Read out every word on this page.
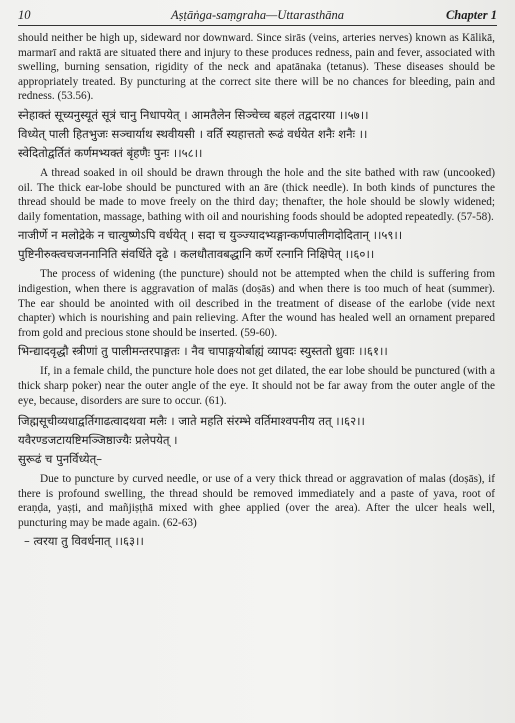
10	Aṣṭāṅga-saṃgraha—Uttarasthāna	Chapter 1

should neither be high up, sideward nor downward. Since sirās (veins, arteries nerves) known as Kālikā, marmarī and raktā are situated there and injury to these produces redness, pain and fever, associated with swelling, burning sensation, rigidity of the neck and apatānaka (tetanus). These diseases should be appropriately treated. By puncturing at the correct site there will be no chances for bleeding, pain and redness. (53.56).

स्नेहाक्तं सूच्यनुस्यूतं सूत्रं चानु निधापयेत् । आमतैलेन सिञ्चेच्च बहलं तद्वदारया ।।५७।।
विध्येत् पाली हितभुजः सञ्चार्याथ स्थवीयसी । वर्ति स्यहात्ततो रूढं वर्धयेत शनैः शनैः ।।
स्वेदितोद्वर्तितं कर्णमभ्यक्तं बृंहणैः पुनः ।।५८।।

A thread soaked in oil should be drawn through the hole and the site bathed with raw (uncooked) oil. The thick ear-lobe should be punctured with an āre (thick needle). In both kinds of punctures the thread should be made to move freely on the third day; thenafter, the hole should be slowly widened; daily fomentation, massage, bathing with oil and nourishing foods should be adopted repeatedly. (57-58).

नाजीर्णे न मलोद्रेके न चात्युष्णेऽपि वर्धयेत् । सदा च युञ्ज्यादभ्यङ्गान्कर्णपालीगदोदितान् ।।५९।।
पुष्टिनीरुक्त्वचजननानिति संवर्धिते दृढे । कलधौतावबद्धानि कर्णे रत्नानि निक्षिपेत् ।।६०।।

The process of widening (the puncture) should not be attempted when the child is suffering from indigestion, when there is aggravation of malās (doṣās) and when there is too much of heat (summer). The ear should be anointed with oil described in the treatment of disease of the earlobe (vide next chapter) which is nourishing and pain relieving. After the wound has healed well an ornament prepared from gold and precious stone should be inserted. (59-60).

भिन्द्यादवृद्धौ स्त्रीणां तु पालीमन्तरपाङ्गतः । नैव चापाङ्गयोर्बाह्यं व्यापदः स्युस्ततो ध्रुवाः ।।६१।।

If, in a female child, the puncture hole does not get dilated, the ear lobe should be punctured (with a thick sharp poker) near the outer angle of the eye. It should not be far away from the outer angle of the eye, because, disorders are sure to occur. (61).

जिह्मसूचीव्यधाद्वर्तिगाढत्वादथवा मलैः । जाते महति संरम्भे वर्तिमाश्वपनीय तत् ।।६२।।
यवैरण्डजटायष्टिमञ्जिष्ठाज्यैः प्रलेपयेत् ।
सुरूढं च पुनर्विध्येत्–

Due to puncture by curved needle, or use of a very thick thread or aggravation of malas (doṣās), if there is profound swelling, the thread should be removed immediately and a paste of yava, root of eraṇḍa, yaṣṭi, and mañjiṣṭhā mixed with ghee applied (over the area). After the ulcer heals well, puncturing may be made again. (62-63)

– त्वरया तु विवर्धनात् ।।६३।।
